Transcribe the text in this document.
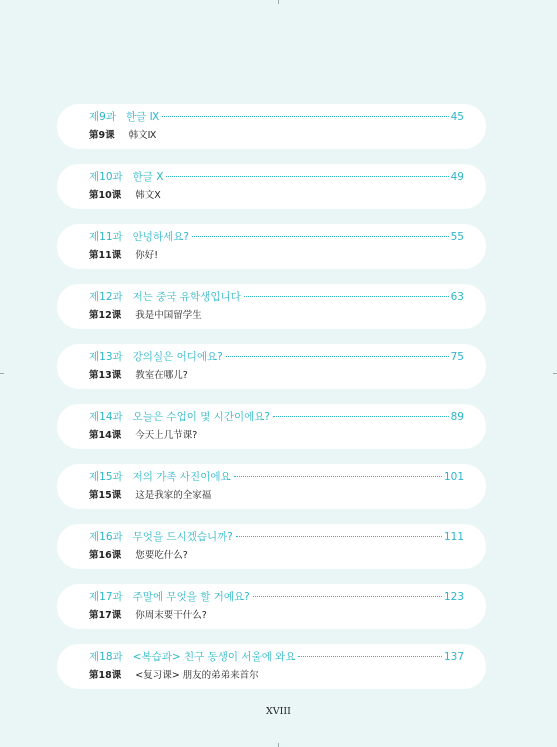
제9과 한글 Ⅸ	45
第9课 韩文Ⅸ
제10과 한글 Ⅹ	49
第10课 韩文Ⅹ
제11과 안녕하세요?	55
第11课 你好!
제12과 저는 중국 유학생입니다	63
第12课 我是中国留学生
제13과 강의실은 어디에요?	75
第13课 教室在哪儿?
제14과 오늘은 수업이 몇 시간이에요?	89
第14课 今天上几节课?
제15과 저의 가족 사진이에요	101
第15课 这是我家的全家福
제16과 무엇을 드시겠습니까?	111
第16课 您要吃什么?
제17과 주말에 무엇을 할 거예요?	123
第17课 你周末要干什么?
제18과 <복습과> 친구 동생이 서울에 와요	137
第18课 <复习课> 朋友的弟弟来首尔
XVIII
